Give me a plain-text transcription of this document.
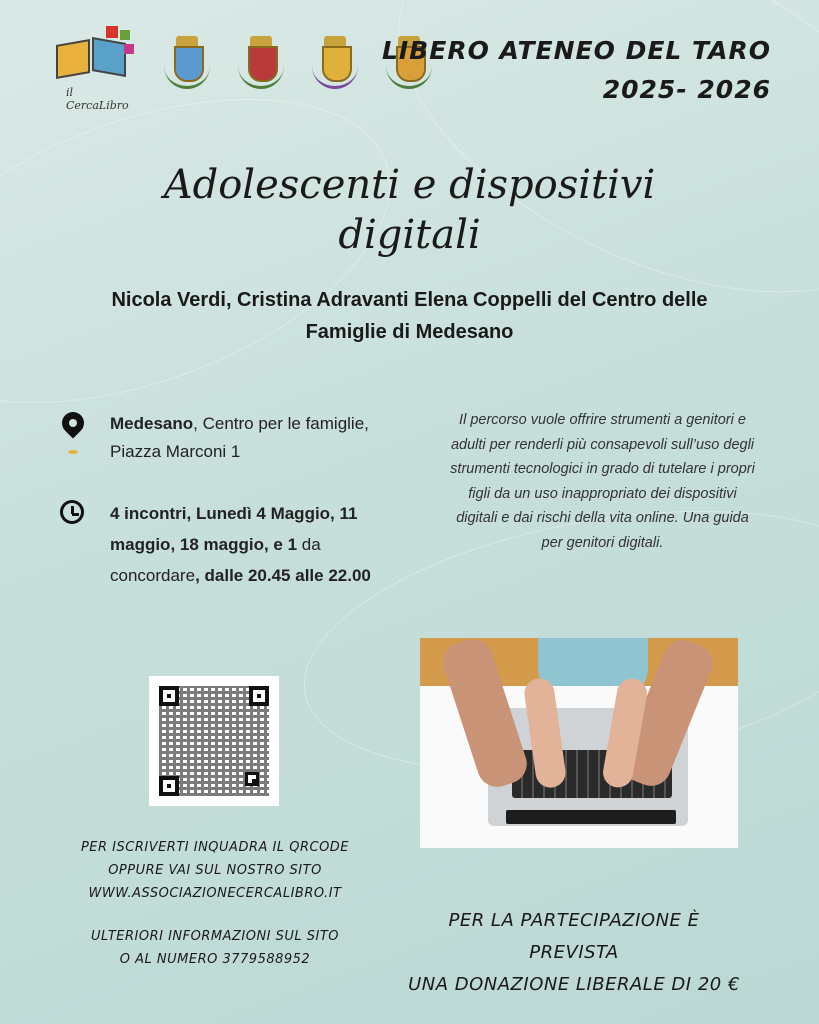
il CercaLibro
LIBERO ATENEO DEL TARO
2025- 2026
Adolescenti e dispositivi
digitali
Nicola Verdi, Cristina Adravanti Elena Coppelli del Centro delle
Famiglie di Medesano
Medesano, Centro per le famiglie, Piazza Marconi 1
4 incontri, Lunedì 4 Maggio, 11 maggio, 18 maggio, e 1 da concordare, dalle 20.45 alle 22.00
Il percorso vuole offrire strumenti a genitori e adulti per renderli più consapevoli sull’uso degli strumenti tecnologici in grado di tutelare i propri figli da un uso inappropriato dei dispositivi digitali e dai rischi della vita online. Una guida per genitori digitali.
PER ISCRIVERTI INQUADRA IL QRCODE
OPPURE VAI SUL NOSTRO SITO
WWW.ASSOCIAZIONECERCALIBRO.IT
ULTERIORI INFORMAZIONI SUL SITO
O AL NUMERO 3779588952
PER LA PARTECIPAZIONE È PREVISTA
UNA DONAZIONE LIBERALE DI 20 €
